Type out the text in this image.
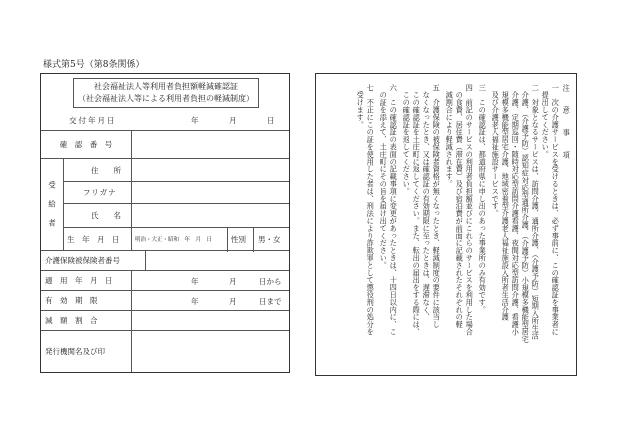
様式第5号（第8条関係）
社会福祉法人等利用者負担額軽減確認証
（社会福祉法人等による利用者負担の軽減制度）
交付年月日	年	月	日
確　認　番　号
受　給　者
住　　所
フリガナ
氏　　名
生　年　月　日	明治・大正・昭和　年　月　日	性別 男・女
介護保険被保険者番号
適　用　年　月　日	年	月	日から
有　効　期　限	年	月	日まで
減　額　割　合
発行機関名及び印
注　意　事　項
一　次の介護サービスを受けるときは、必ず事前に、この確認証を事業者に
　提出してください。
二　対象となるサービスは、訪問介護、通所介護、（介護予防）短期入所生活
　介護、（介護予防）認知症対応型通所介護、（介護予防）小規模多機能型居宅
　介護、定期巡回・随時対応型訪問介護看護、夜間対応型訪問介護、看護小
　規模多機能型居宅介護、地域密着型介護老人福祉施設入所者生活介護
　及び介護老人福祉施設サービスです。
三　この確認証は、都道府県に申し出のあった事業所のみ有効です。
四　前記のサービスの利用者負担額並びにこれらのサービスを利用した場合
　の食費、居住費（滞在費）及び宿泊費が前面に記載されたそれぞれの軽
　減割合により軽減されます。
五　介護保険の被保険者資格が無くなったとき、軽減制度の要件に該当し
　なくなったとき、又は確認証の有効期限に至ったときは、遅滞なく、
　この確認証を土庄町に返してください。また、転出の届出をする際には、
　この確認証を返してください。
六　この確認証の表面の記載事項に変更があったときは、十四日以内に、こ
　の証を添えて、土庄町にその旨を届け出てください。
七　不正にこの証を使用した者は、刑法により詐欺罪として懲役刑の処分を
　受けます。
